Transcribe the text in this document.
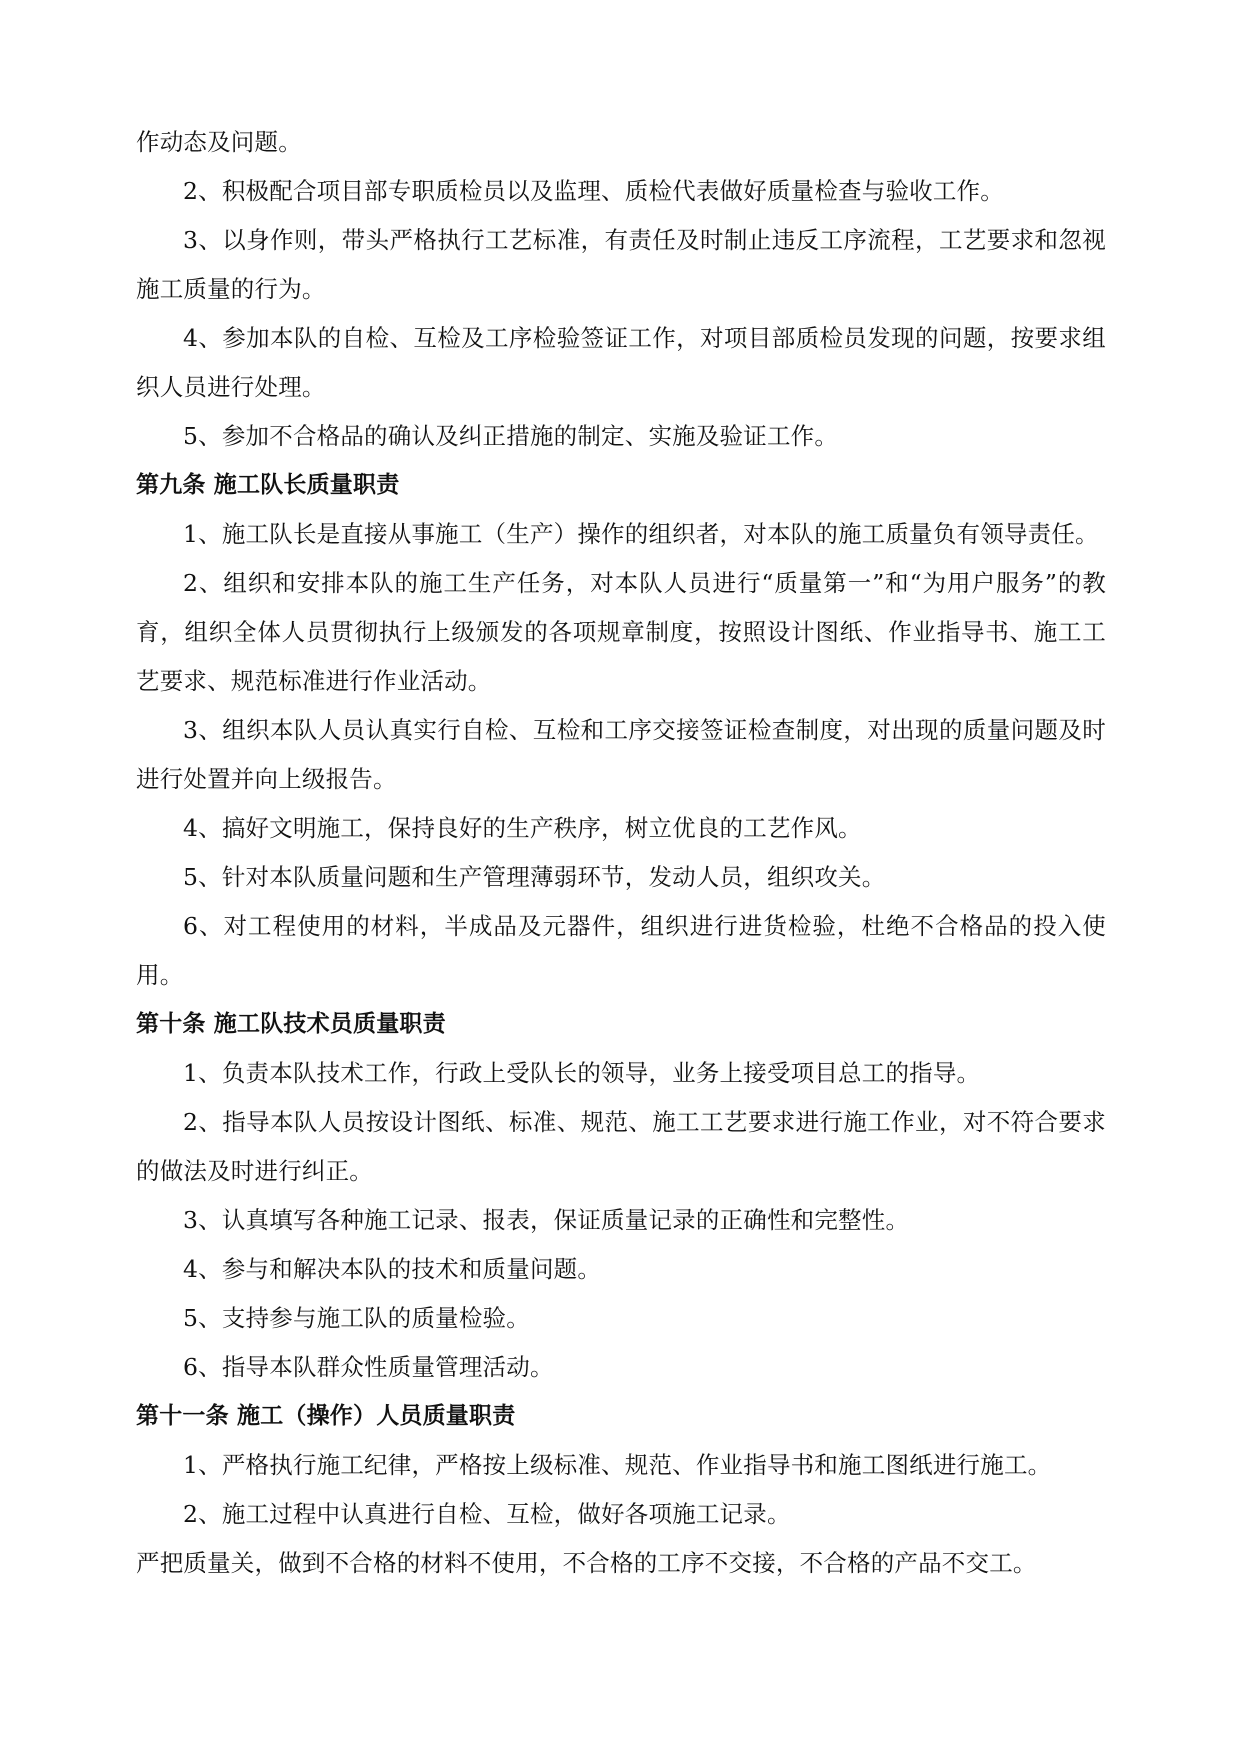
作动态及问题。

2、积极配合项目部专职质检员以及监理、质检代表做好质量检查与验收工作。

3、以身作则，带头严格执行工艺标准，有责任及时制止违反工序流程，工艺要求和忽视施工质量的行为。

4、参加本队的自检、互检及工序检验签证工作，对项目部质检员发现的问题，按要求组织人员进行处理。

5、参加不合格品的确认及纠正措施的制定、实施及验证工作。

第九条 施工队长质量职责

1、施工队长是直接从事施工（生产）操作的组织者，对本队的施工质量负有领导责任。

2、组织和安排本队的施工生产任务，对本队人员进行“质量第一”和“为用户服务”的教育，组织全体人员贯彻执行上级颁发的各项规章制度，按照设计图纸、作业指导书、施工工艺要求、规范标准进行作业活动。

3、组织本队人员认真实行自检、互检和工序交接签证检查制度，对出现的质量问题及时进行处置并向上级报告。

4、搞好文明施工，保持良好的生产秩序，树立优良的工艺作风。

5、针对本队质量问题和生产管理薄弱环节，发动人员，组织攻关。

6、对工程使用的材料，半成品及元器件，组织进行进货检验，杜绝不合格品的投入使用。

第十条 施工队技术员质量职责

1、负责本队技术工作，行政上受队长的领导，业务上接受项目总工的指导。

2、指导本队人员按设计图纸、标准、规范、施工工艺要求进行施工作业，对不符合要求的做法及时进行纠正。

3、认真填写各种施工记录、报表，保证质量记录的正确性和完整性。

4、参与和解决本队的技术和质量问题。

5、支持参与施工队的质量检验。

6、指导本队群众性质量管理活动。

第十一条 施工（操作）人员质量职责

1、严格执行施工纪律，严格按上级标准、规范、作业指导书和施工图纸进行施工。

2、施工过程中认真进行自检、互检，做好各项施工记录。

严把质量关，做到不合格的材料不使用，不合格的工序不交接，不合格的产品不交工。
